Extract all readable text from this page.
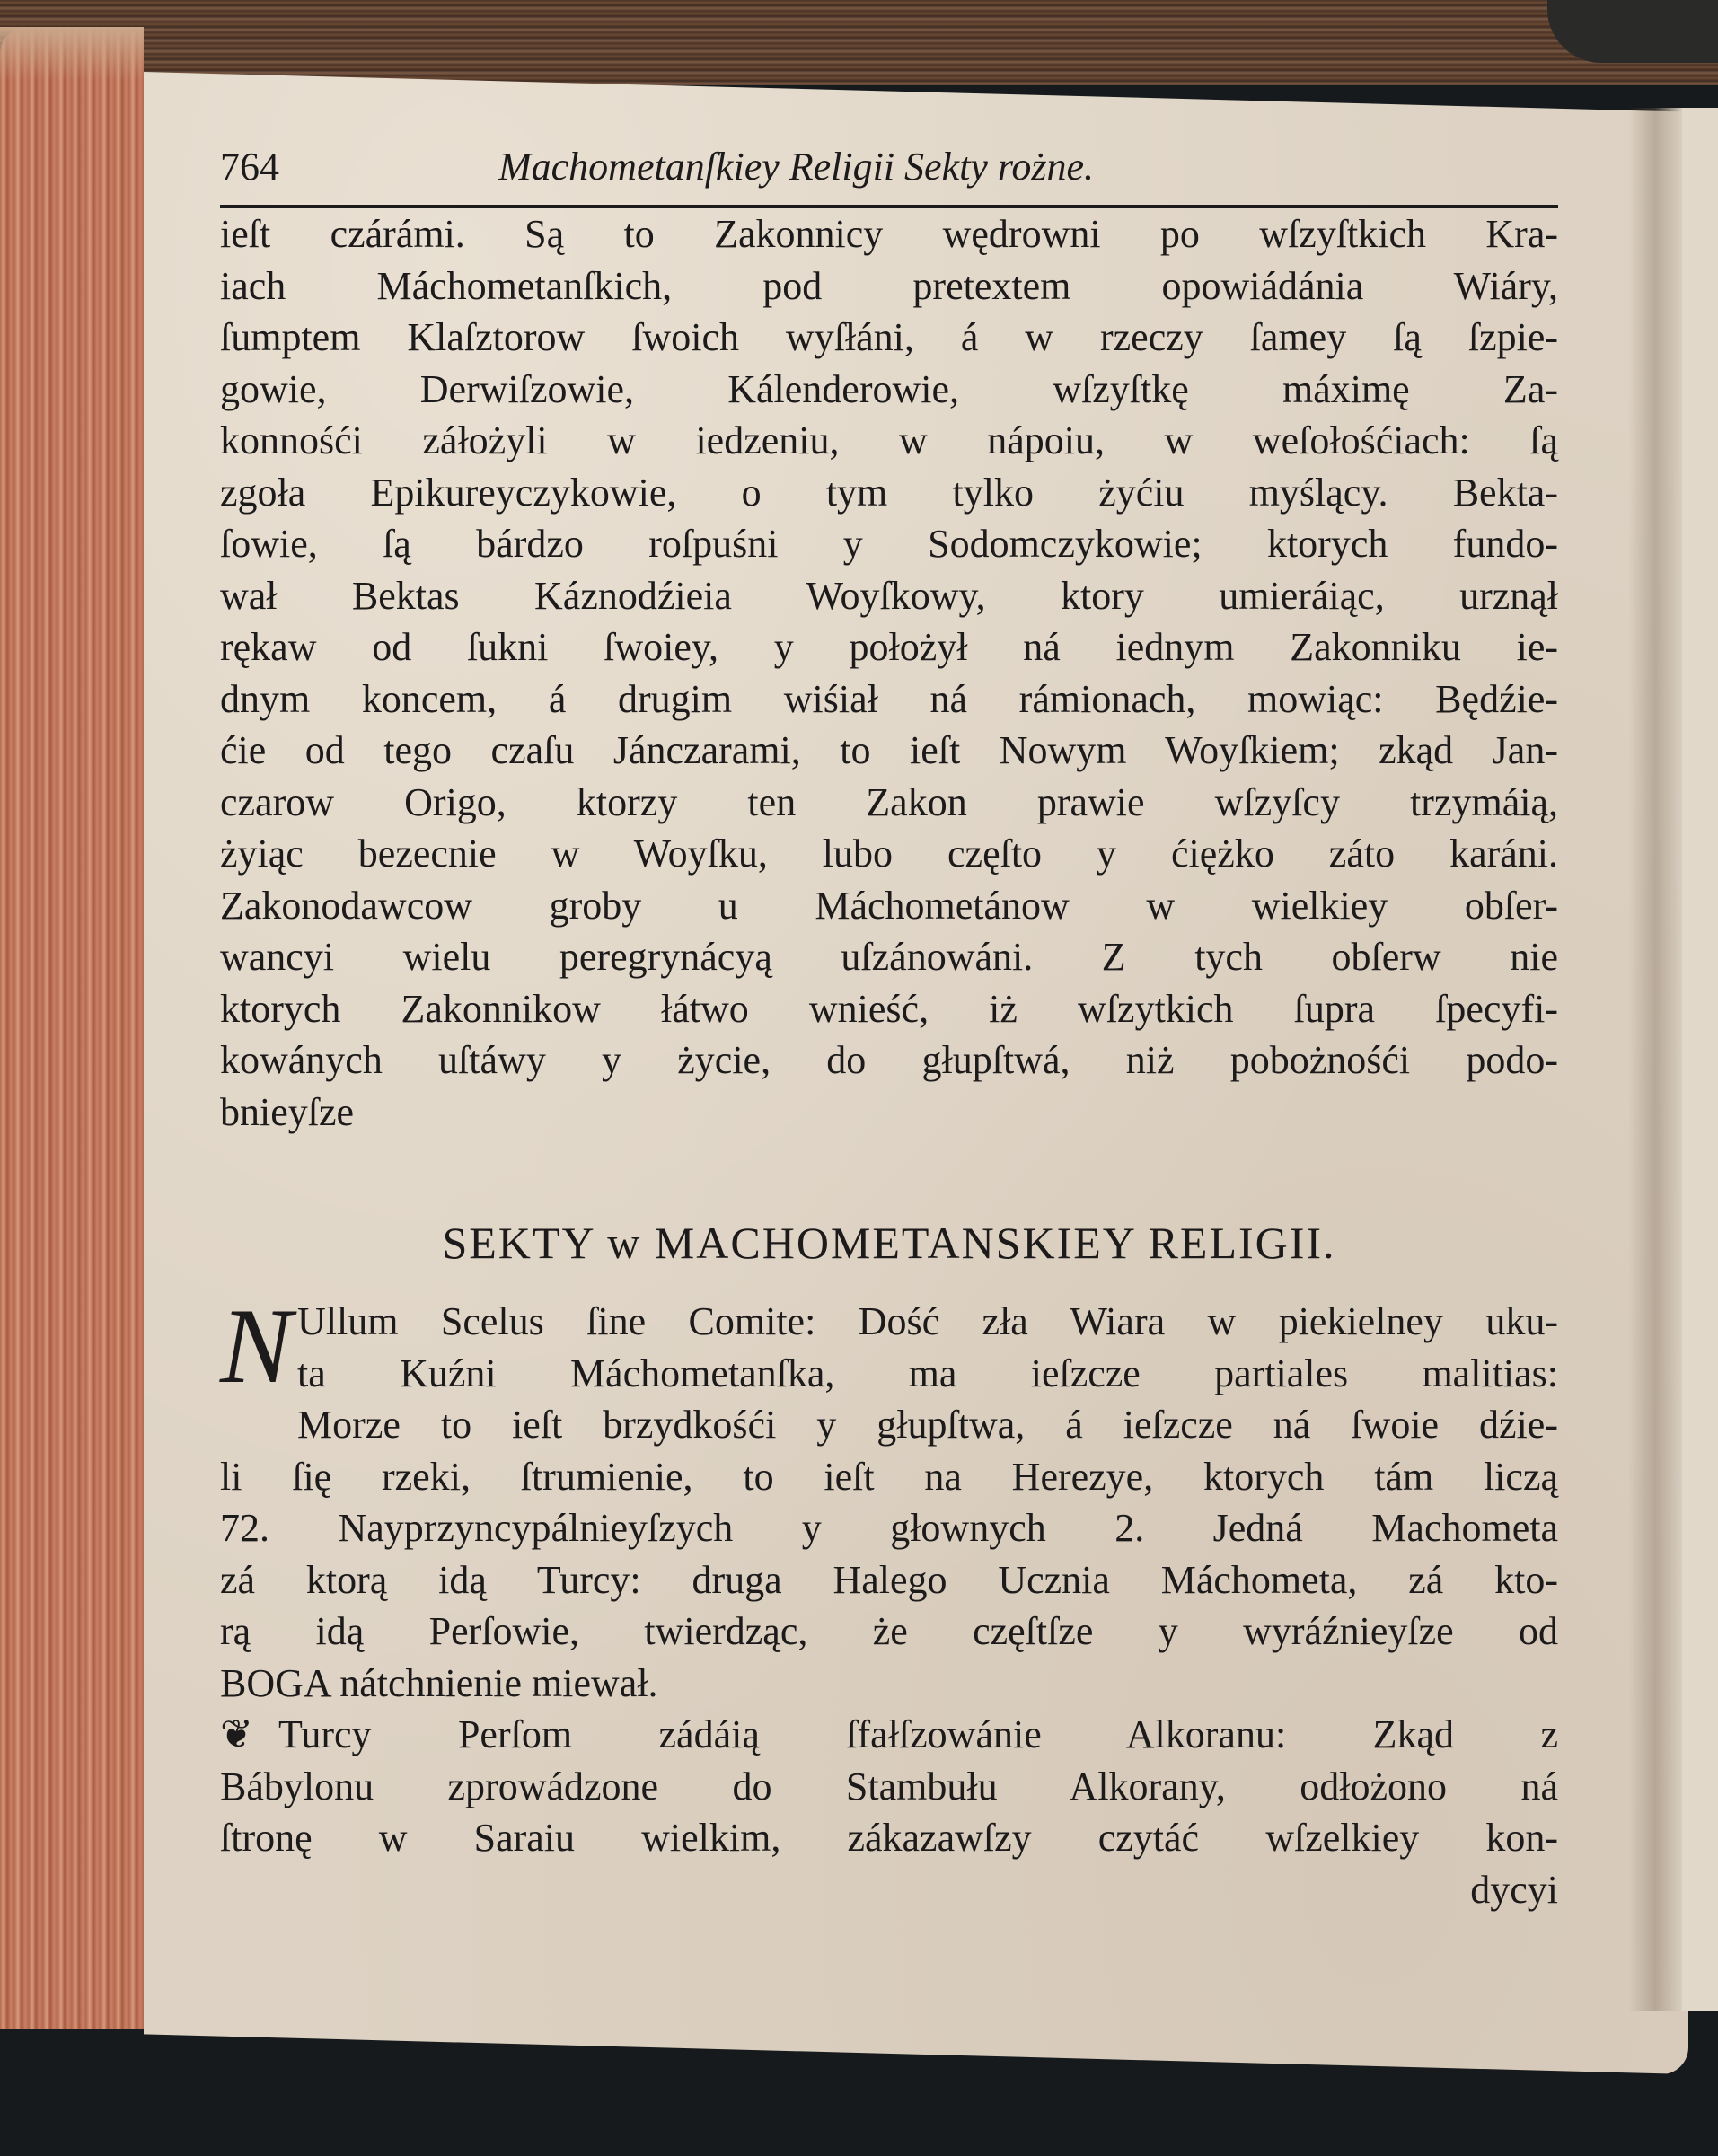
764	Machometanſkiey Religii Sekty rożne.
ieſt czárámi. Są to Zakonnicy wędrowni po wſzyſtkich Kra-
iach Máchometanſkich, pod pretextem opowiádánia Wiáry,
ſumptem Klaſztorow ſwoich wyſłáni, á w rzeczy ſamey ſą ſzpie-
gowie, Derwiſzowie, Kálenderowie, wſzyſtkę máximę Za-
konnośći záłożyli w iedzeniu, w nápoiu, w weſołośćiach: ſą
zgoła Epikureyczykowie, o tym tylko żyćiu myślący. Bekta-
ſowie, ſą bárdzo roſpuśni y Sodomczykowie; ktorych fundo-
wał Bektas Káznodźieia Woyſkowy, ktory umieráiąc, urznął
rękaw od ſukni ſwoiey, y położył ná iednym Zakonniku ie-
dnym koncem, á drugim wiśiał ná rámionach, mowiąc: Będźie-
ćie od tego czaſu Jánczarami, to ieſt Nowym Woyſkiem; zkąd Jan-
czarow Origo, ktorzy ten Zakon prawie wſzyſcy trzymáią,
żyiąc bezecnie w Woyſku, lubo częſto y ćiężko záto karáni.
Zakonodawcow groby u Máchometánow w wielkiey obſer-
wancyi wielu peregrynácyą uſzánowáni. Z tych obſerw nie
ktorych Zakonnikow łátwo wnieść, iż wſzytkich ſupra ſpecyfi-
kowánych uſtáwy y życie, do głupſtwá, niż pobożnośći podo-
bnieyſze
SEKTY w MACHOMETANSKIEY RELIGII.
N Ullum Scelus ſine Comite: Dość zła Wiara w piekielney uku-
ta Kuźni Máchometanſka, ma ieſzcze partiales malitias:
Morze to ieſt brzydkośći y głupſtwa, á ieſzcze ná ſwoie dźie-
li ſię rzeki, ſtrumienie, to ieſt na Herezye, ktorych tám liczą
72. Nayprzyncypálnieyſzych y głownych 2. Jedná Machometa
zá ktorą idą Turcy: druga Halego Ucznia Máchometa, zá kto-
rą idą Perſowie, twierdząc, że częſtſze y wyráźnieyſze od
BOGA nátchnienie miewał.
❦ Turcy Perſom zádáią ſfałſzowánie Alkoranu: Zkąd z
Bábylonu zprowádzone do Stambułu Alkorany, odłożono ná
ſtronę w Saraiu wielkim, zákazawſzy czytáć wſzelkiey kon-
dycyi
